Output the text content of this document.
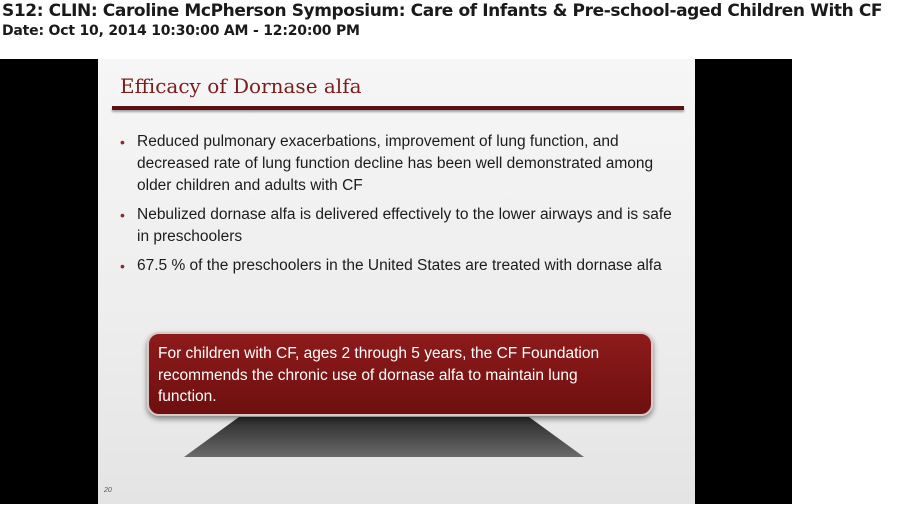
S12: CLIN: Caroline McPherson Symposium: Care of Infants & Pre-school-aged Children With CF
Date: Oct 10, 2014 10:30:00 AM - 12:20:00 PM
Efficacy of Dornase alfa
• Reduced pulmonary exacerbations, improvement of lung function, and decreased rate of lung function decline has been well demonstrated among older children and adults with CF
• Nebulized dornase alfa is delivered effectively to the lower airways and is safe in preschoolers
• 67.5 % of the preschoolers in the United States are treated with dornase alfa
For children with CF, ages 2 through 5 years, the CF Foundation recommends the chronic use of dornase alfa to maintain lung function.
20
